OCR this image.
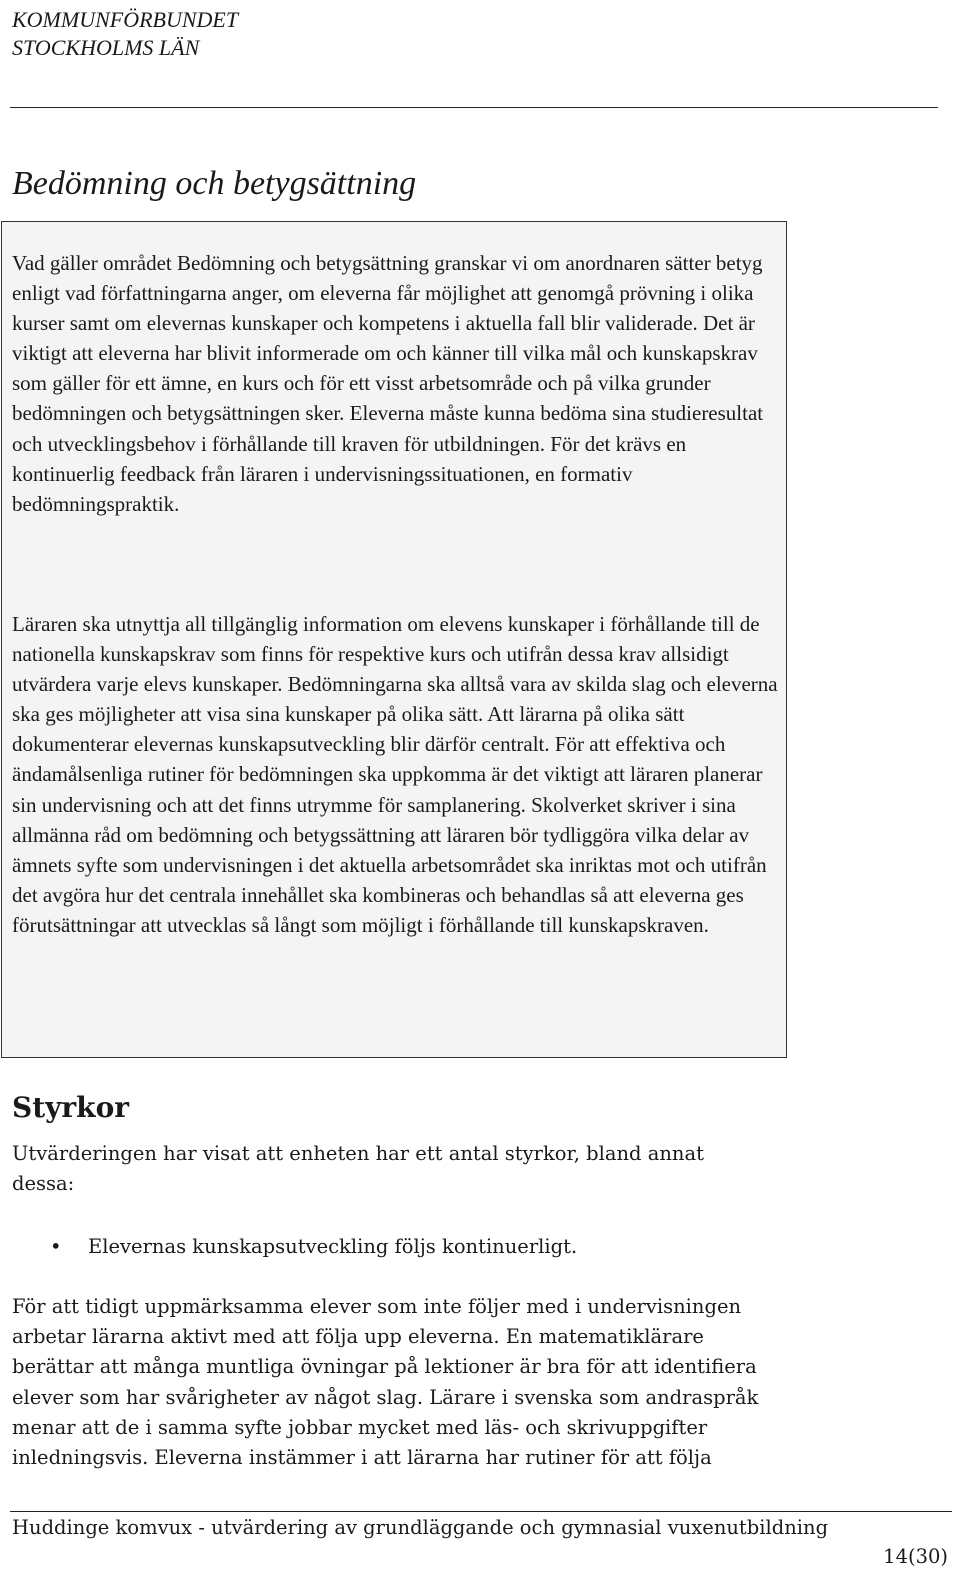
KOMMUNFÖRBUNDET
STOCKHOLMS LÄN

Bedömning och betygsättning

Vad gäller området Bedömning och betygsättning granskar vi om anordnaren sätter betyg enligt vad författningarna anger, om eleverna får möjlighet att genomgå prövning i olika kurser samt om elevernas kunskaper och kompetens i aktuella fall blir validerade. Det är viktigt att eleverna har blivit informerade om och känner till vilka mål och kunskapskrav som gäller för ett ämne, en kurs och för ett visst arbetsområde och på vilka grunder bedömningen och betygsättningen sker. Eleverna måste kunna bedöma sina studieresultat och utvecklingsbehov i förhållande till kraven för utbildningen. För det krävs en kontinuerlig feedback från läraren i undervisningssituationen, en formativ bedömningspraktik.

Läraren ska utnyttja all tillgänglig information om elevens kunskaper i förhållande till de nationella kunskapskrav som finns för respektive kurs och utifrån dessa krav allsidigt utvärdera varje elevs kunskaper. Bedömningarna ska alltså vara av skilda slag och eleverna ska ges möjligheter att visa sina kunskaper på olika sätt. Att lärarna på olika sätt dokumenterar elevernas kunskapsutveckling blir därför centralt. För att effektiva och ändamålsenliga rutiner för bedömningen ska uppkomma är det viktigt att läraren planerar sin undervisning och att det finns utrymme för samplanering. Skolverket skriver i sina allmänna råd om bedömning och betygssättning att läraren bör tydliggöra vilka delar av ämnets syfte som undervisningen i det aktuella arbetsområdet ska inriktas mot och utifrån det avgöra hur det centrala innehållet ska kombineras och behandlas så att eleverna ges förutsättningar att utvecklas så långt som möjligt i förhållande till kunskapskraven.

Styrkor

Utvärderingen har visat att enheten har ett antal styrkor, bland annat dessa:

• Elevernas kunskapsutveckling följs kontinuerligt.

För att tidigt uppmärksamma elever som inte följer med i undervisningen arbetar lärarna aktivt med att följa upp eleverna. En matematiklärare berättar att många muntliga övningar på lektioner är bra för att identifiera elever som har svårigheter av något slag. Lärare i svenska som andraspråk menar att de i samma syfte jobbar mycket med läs- och skrivuppgifter inledningsvis. Eleverna instämmer i att lärarna har rutiner för att följa

Huddinge komvux - utvärdering av grundläggande och gymnasial vuxenutbildning

14(30)
